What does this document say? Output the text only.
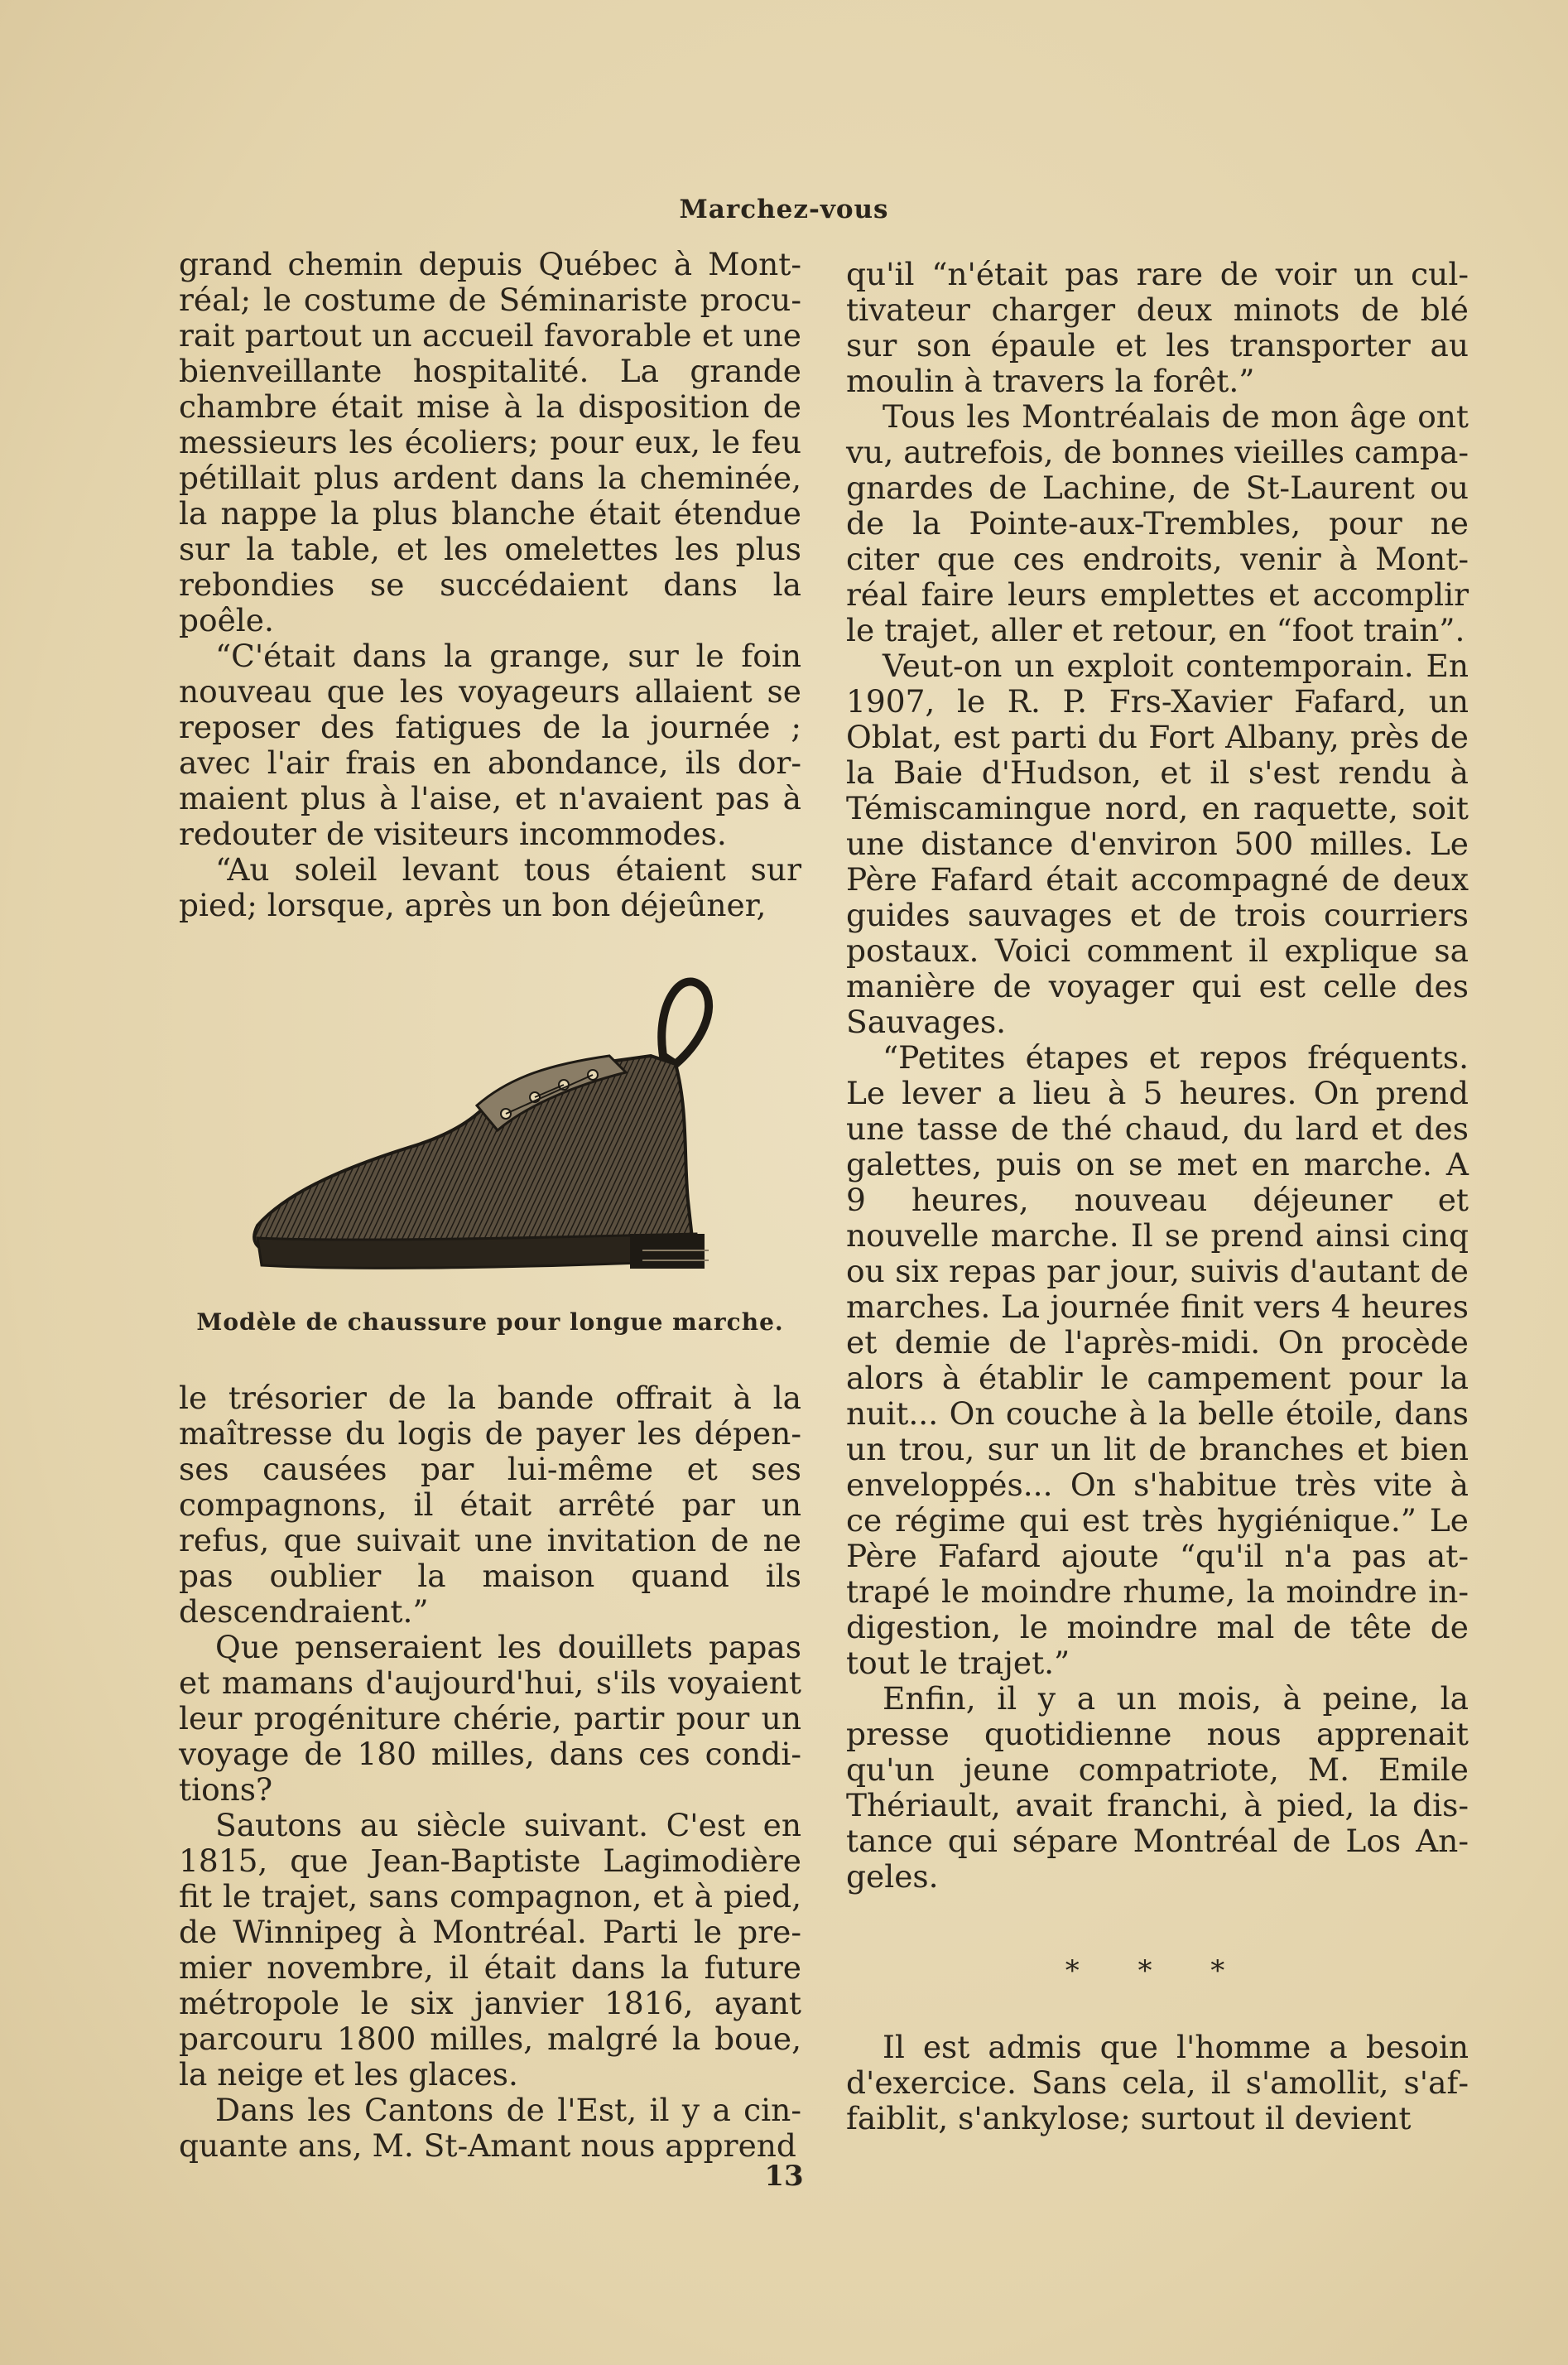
Marchez-vous

grand chemin depuis Québec à Montréal; le costume de Séminariste procurait partout un accueil favorable et une bienveillante hospitalité. La grande chambre était mise à la disposition de messieurs les écoliers; pour eux, le feu pétillait plus ardent dans la cheminée, la nappe la plus blanche était étendue sur la table, et les omelettes les plus rebondies se succédaient dans la poêle.

“C'était dans la grange, sur le foin nouveau que les voyageurs allaient se reposer des fatigues de la journée ; avec l'air frais en abondance, ils dormaient plus à l'aise, et n'avaient pas à redouter de visiteurs incommodes.

“Au soleil levant tous étaient sur pied; lorsque, après un bon déjeûner,

Modèle de chaussure pour longue marche.

le trésorier de la bande offrait à la maîtresse du logis de payer les dépenses causées par lui-même et ses compagnons, il était arrêté par un refus, que suivait une invitation de ne pas oublier la maison quand ils descendraient.”

Que penseraient les douillets papas et mamans d'aujourd'hui, s'ils voyaient leur progéniture chérie, partir pour un voyage de 180 milles, dans ces conditions?

Sautons au siècle suivant. C'est en 1815, que Jean-Baptiste Lagimodière fit le trajet, sans compagnon, et à pied, de Winnipeg à Montréal. Parti le premier novembre, il était dans la future métropole le six janvier 1816, ayant parcouru 1800 milles, malgré la boue, la neige et les glaces.

Dans les Cantons de l'Est, il y a cinquante ans, M. St-Amant nous apprend

qu'il “n'était pas rare de voir un cultivateur charger deux minots de blé sur son épaule et les transporter au moulin à travers la forêt.”

Tous les Montréalais de mon âge ont vu, autrefois, de bonnes vieilles campagnardes de Lachine, de St-Laurent ou de la Pointe-aux-Trembles, pour ne citer que ces endroits, venir à Montréal faire leurs emplettes et accomplir le trajet, aller et retour, en “foot train”.

Veut-on un exploit contemporain. En 1907, le R. P. Frs-Xavier Fafard, un Oblat, est parti du Fort Albany, près de la Baie d'Hudson, et il s'est rendu à Témiscamingue nord, en raquette, soit une distance d'environ 500 milles. Le Père Fafard était accompagné de deux guides sauvages et de trois courriers postaux. Voici comment il explique sa manière de voyager qui est celle des Sauvages.

“Petites étapes et repos fréquents. Le lever a lieu à 5 heures. On prend une tasse de thé chaud, du lard et des galettes, puis on se met en marche. A 9 heures, nouveau déjeuner et nouvelle marche. Il se prend ainsi cinq ou six repas par jour, suivis d'autant de marches. La journée finit vers 4 heures et demie de l'après-midi. On procède alors à établir le campement pour la nuit... On couche à la belle étoile, dans un trou, sur un lit de branches et bien enveloppés... On s'habitue très vite à ce régime qui est très hygiénique.” Le Père Fafard ajoute “qu'il n'a pas attrapé le moindre rhume, la moindre indigestion, le moindre mal de tête de tout le trajet.”

Enfin, il y a un mois, à peine, la presse quotidienne nous apprenait qu'un jeune compatriote, M. Emile Thériault, avait franchi, à pied, la distance qui sépare Montréal de Los Angeles.

* * *

Il est admis que l'homme a besoin d'exercice. Sans cela, il s'amollit, s'affaiblit, s'ankylose; surtout il devient

13
